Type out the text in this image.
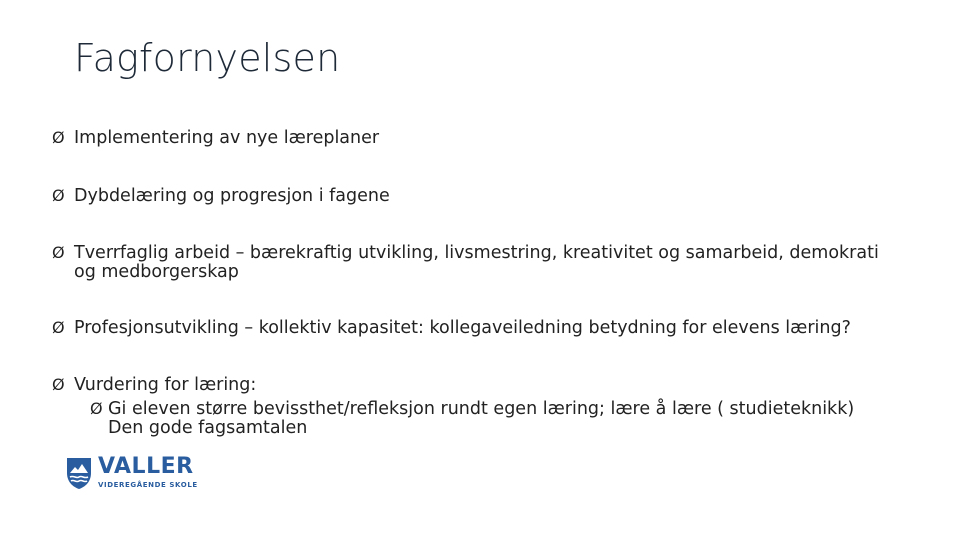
Fagfornyelsen
Ø Implementering av nye læreplaner
Ø Dybdelæring og progresjon i fagene
Ø Tverrfaglig arbeid – bærekraftig utvikling, livsmestring, kreativitet og samarbeid, demokrati
og medborgerskap
Ø Profesjonsutvikling – kollektiv kapasitet: kollegaveiledning betydning for elevens læring?
Ø Vurdering for læring:
Ø Gi eleven større bevissthet/refleksjon rundt egen læring; lære å lære ( studieteknikk)
Den gode fagsamtalen
VALLER
VIDEREGÅENDE SKOLE
